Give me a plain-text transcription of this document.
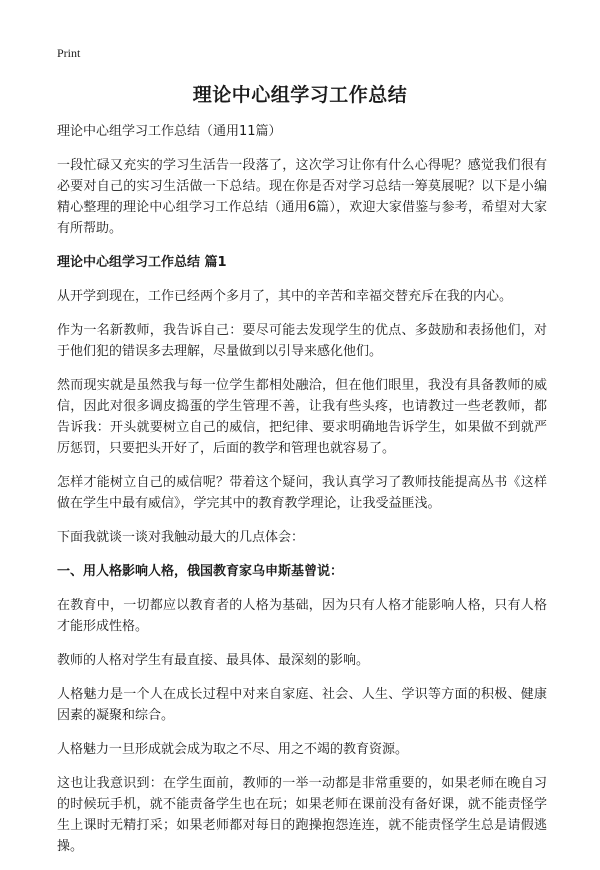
Print
理论中心组学习工作总结

理论中心组学习工作总结（通用11篇）

一段忙碌又充实的学习生活告一段落了，这次学习让你有什么心得呢？感觉我们很有必要对自己的实习生活做一下总结。现在你是否对学习总结一筹莫展呢？以下是小编精心整理的理论中心组学习工作总结（通用6篇），欢迎大家借鉴与参考，希望对大家有所帮助。

理论中心组学习工作总结 篇1

从开学到现在，工作已经两个多月了，其中的辛苦和幸福交替充斥在我的内心。

作为一名新教师，我告诉自己：要尽可能去发现学生的优点、多鼓励和表扬他们，对于他们犯的错误多去理解，尽量做到以引导来感化他们。

然而现实就是虽然我与每一位学生都相处融洽，但在他们眼里，我没有具备教师的威信，因此对很多调皮捣蛋的学生管理不善，让我有些头疼，也请教过一些老教师，都告诉我：开头就要树立自己的威信，把纪律、要求明确地告诉学生，如果做不到就严厉惩罚，只要把头开好了，后面的教学和管理也就容易了。

怎样才能树立自己的威信呢？带着这个疑问，我认真学习了教师技能提高丛书《这样做在学生中最有威信》，学完其中的教育教学理论，让我受益匪浅。

下面我就谈一谈对我触动最大的几点体会：

一、用人格影响人格，俄国教育家乌申斯基曾说：

在教育中，一切都应以教育者的人格为基础，因为只有人格才能影响人格，只有人格才能形成性格。

教师的人格对学生有最直接、最具体、最深刻的影响。

人格魅力是一个人在成长过程中对来自家庭、社会、人生、学识等方面的积极、健康因素的凝聚和综合。

人格魅力一旦形成就会成为取之不尽、用之不竭的教育资源。

这也让我意识到：在学生面前，教师的一举一动都是非常重要的，如果老师在晚自习的时候玩手机，就不能责备学生也在玩；如果老师在课前没有备好课，就不能责怪学生上课时无精打采；如果老师都对每日的跑操抱怨连连，就不能责怪学生总是请假逃操。
